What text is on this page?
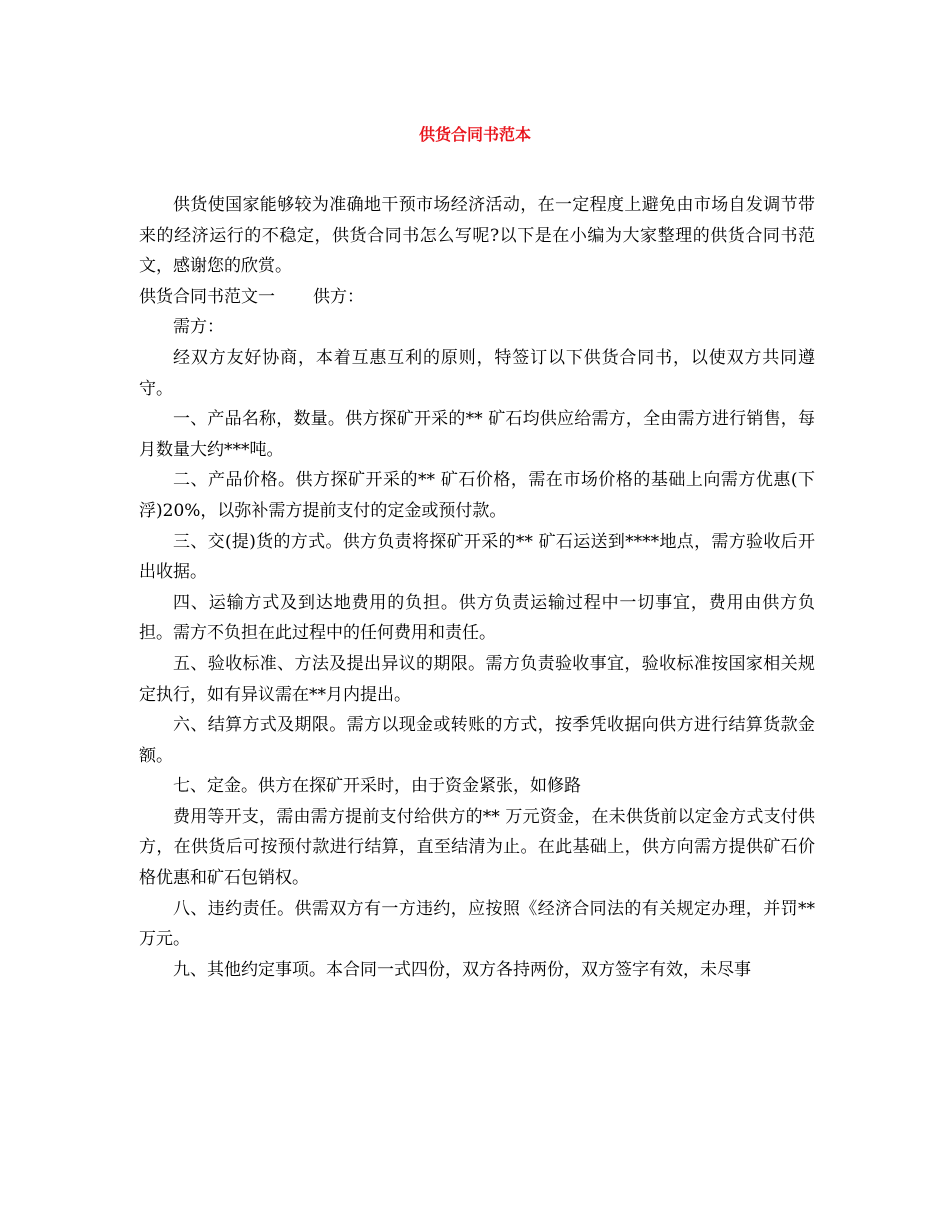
供货合同书范本

供货使国家能够较为准确地干预市场经济活动，在一定程度上避免由市场自发调节带来的经济运行的不稳定，供货合同书怎么写呢?以下是在小编为大家整理的供货合同书范文，感谢您的欣赏。

供货合同书范文一 供方：

需方：

经双方友好协商，本着互惠互利的原则，特签订以下供货合同书，以使双方共同遵守。

一、产品名称，数量。供方探矿开采的** 矿石均供应给需方，全由需方进行销售，每月数量大约***吨。

二、产品价格。供方探矿开采的** 矿石价格，需在市场价格的基础上向需方优惠(下浮)20%，以弥补需方提前支付的定金或预付款。

三、交(提)货的方式。供方负责将探矿开采的** 矿石运送到****地点，需方验收后开出收据。

四、运输方式及到达地费用的负担。供方负责运输过程中一切事宜，费用由供方负担。需方不负担在此过程中的任何费用和责任。

五、验收标准、方法及提出异议的期限。需方负责验收事宜，验收标准按国家相关规定执行，如有异议需在**月内提出。

六、结算方式及期限。需方以现金或转账的方式，按季凭收据向供方进行结算货款金额。

七、定金。供方在探矿开采时，由于资金紧张，如修路

费用等开支，需由需方提前支付给供方的** 万元资金，在未供货前以定金方式支付供方，在供货后可按预付款进行结算，直至结清为止。在此基础上，供方向需方提供矿石价格优惠和矿石包销权。

八、违约责任。供需双方有一方违约，应按照《经济合同法的有关规定办理，并罚**万元。

九、其他约定事项。本合同一式四份，双方各持两份，双方签字有效，未尽事
